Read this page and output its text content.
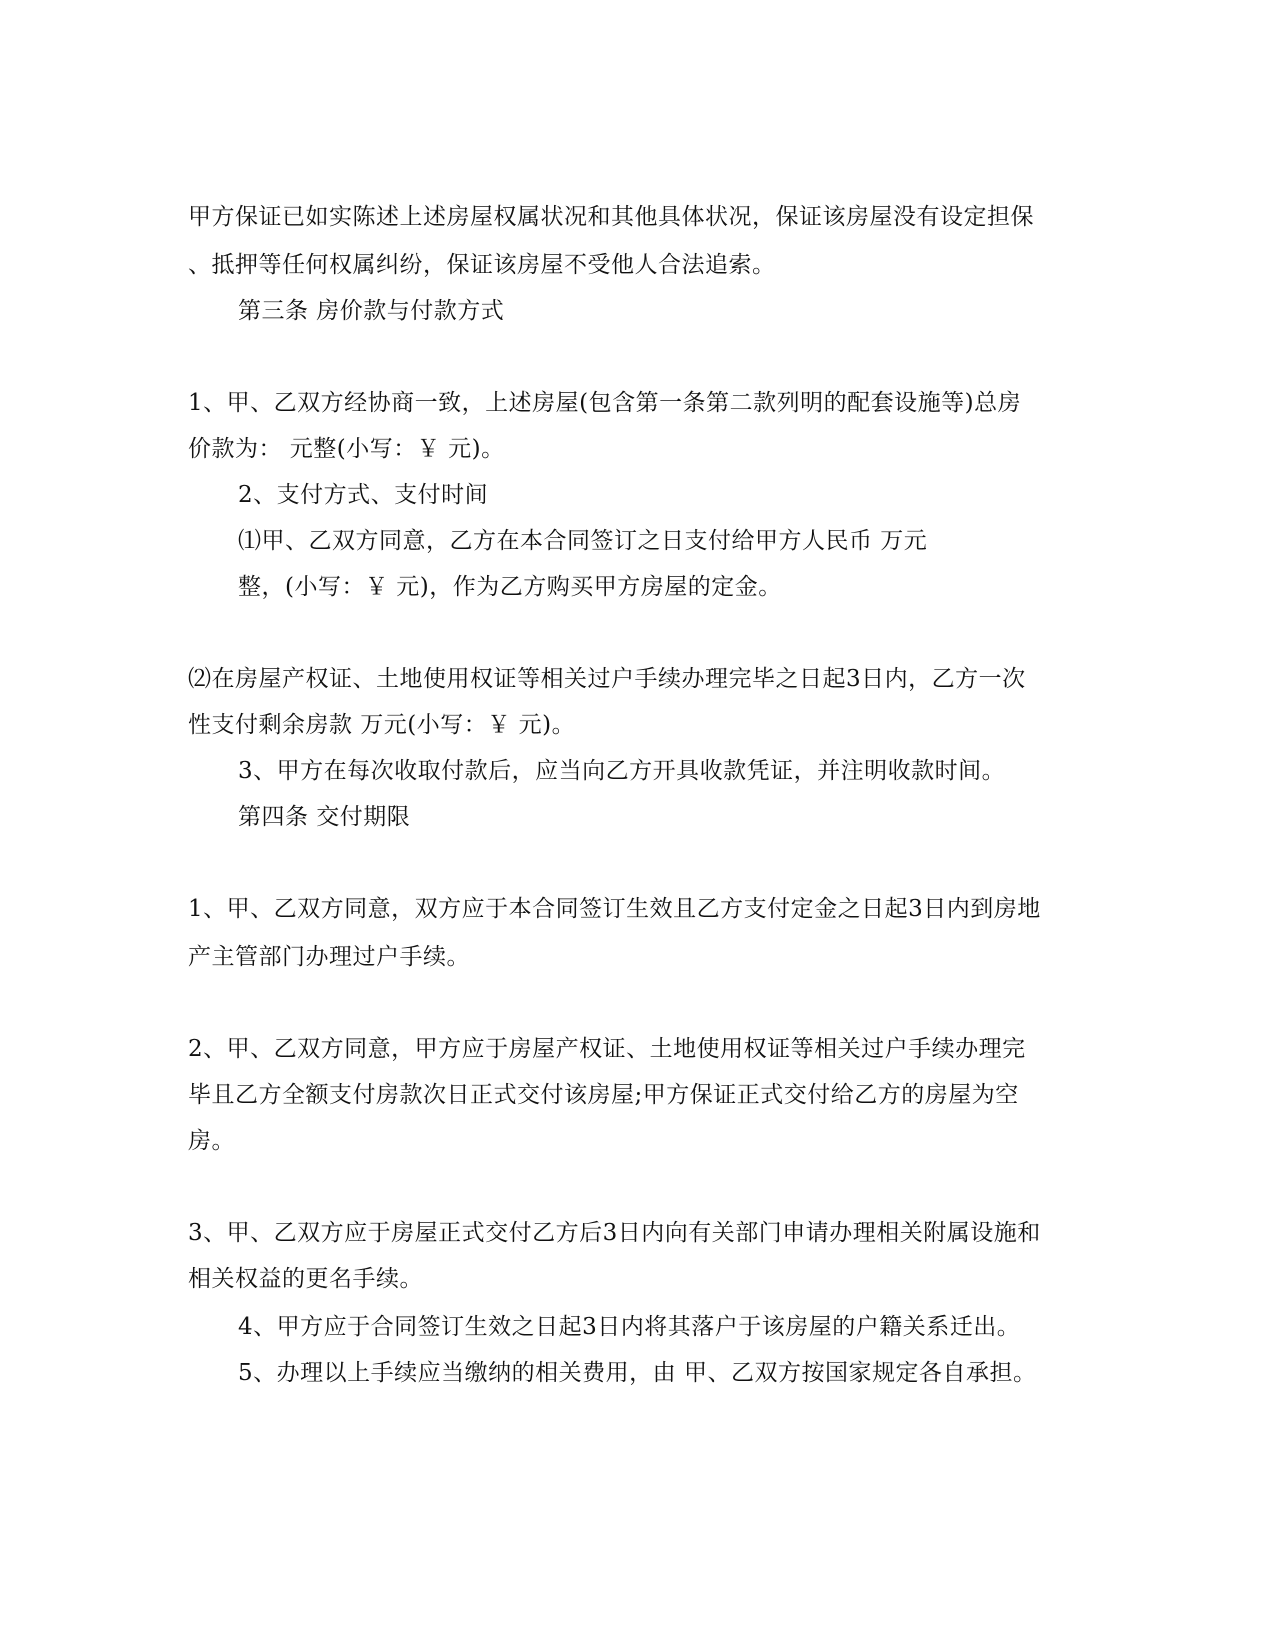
甲方保证已如实陈述上述房屋权属状况和其他具体状况，保证该房屋没有设定担保
、抵押等任何权属纠纷，保证该房屋不受他人合法追索。
第三条 房价款与付款方式
1、甲、乙双方经协商一致，上述房屋(包含第一条第二款列明的配套设施等)总房
价款为： 元整(小写：￥ 元)。
2、支付方式、支付时间
⑴甲、乙双方同意，乙方在本合同签订之日支付给甲方人民币 万元
整，(小写：￥ 元)，作为乙方购买甲方房屋的定金。
⑵在房屋产权证、土地使用权证等相关过户手续办理完毕之日起3日内，乙方一次
性支付剩余房款 万元(小写：￥ 元)。
3、甲方在每次收取付款后，应当向乙方开具收款凭证，并注明收款时间。
第四条 交付期限
1、甲、乙双方同意，双方应于本合同签订生效且乙方支付定金之日起3日内到房地
产主管部门办理过户手续。
2、甲、乙双方同意，甲方应于房屋产权证、土地使用权证等相关过户手续办理完
毕且乙方全额支付房款次日正式交付该房屋;甲方保证正式交付给乙方的房屋为空
房。
3、甲、乙双方应于房屋正式交付乙方后3日内向有关部门申请办理相关附属设施和
相关权益的更名手续。
4、甲方应于合同签订生效之日起3日内将其落户于该房屋的户籍关系迁出。
5、办理以上手续应当缴纳的相关费用，由 甲、乙双方按国家规定各自承担。
